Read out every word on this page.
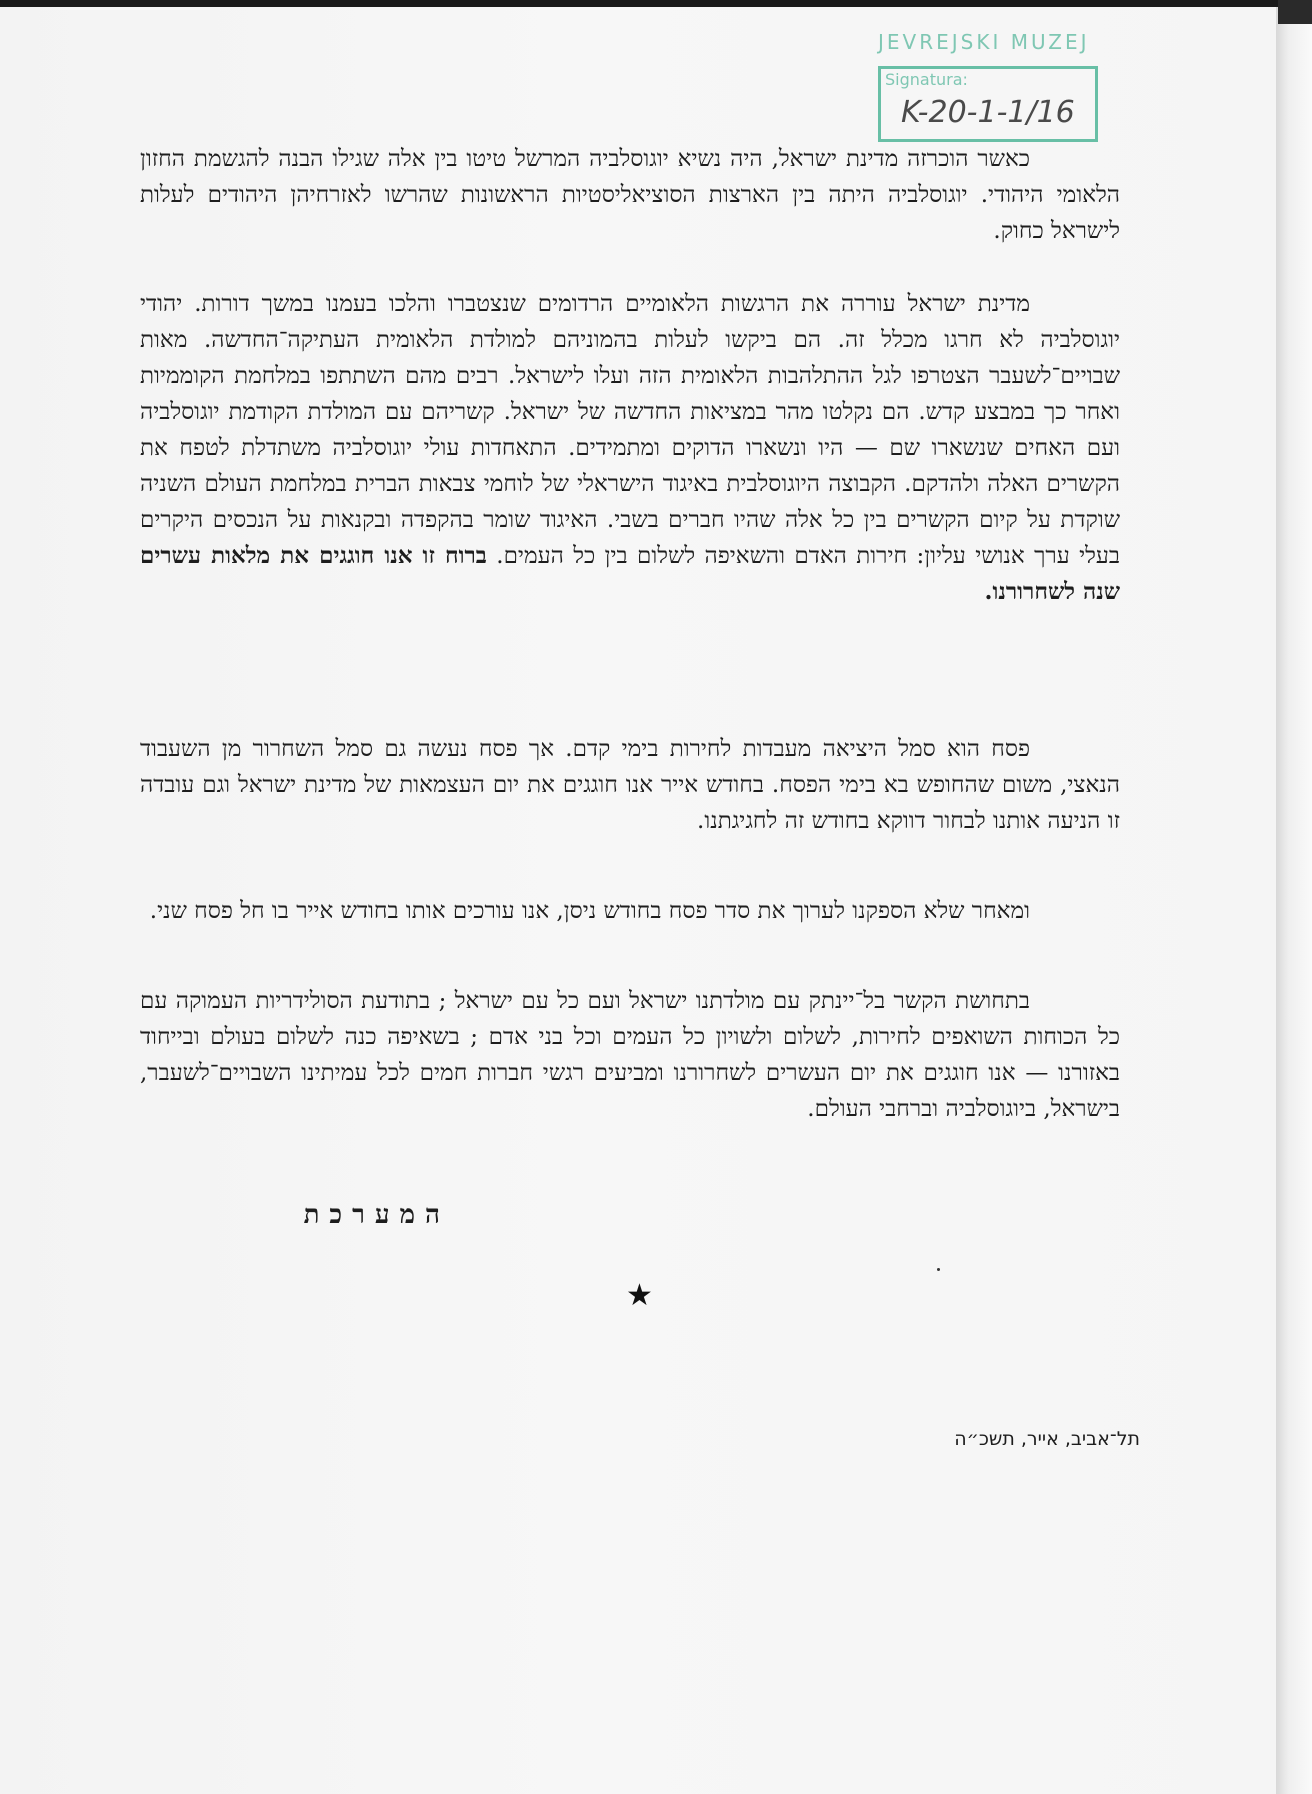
JEVREJSKI MUZEJ
Signatura:
K-20-1-1/16

כאשר הוכרזה מדינת ישראל, היה נשיא יוגוסלביה המרשל טיטו בין אלה שגילו הבנה להגשמת החזון הלאומי היהודי. יוגוסלביה היתה בין הארצות הסוציאליסטיות הראשונות שהרשו לאזרחיהן היהודים לעלות לישראל כחוק.

מדינת ישראל עוררה את הרגשות הלאומיים הרדומים שנצטברו והלכו בעמנו במשך דורות. יהודי יוגוסלביה לא חרגו מכלל זה. הם ביקשו לעלות בהמוניהם למולדת הלאומית העתיקה־החדשה. מאות שבויים־לשעבר הצטרפו לגל ההתלהבות הלאומית הזה ועלו לישראל. רבים מהם השתתפו במלחמת הקוממיות ואחר כך במבצע קדש. הם נקלטו מהר במציאות החדשה של ישראל. קשריהם עם המולדת הקודמת יוגוסלביה ועם האחים שנשארו שם — היו ונשארו הדוקים ומתמידים. התאחדות עולי יוגוסלביה משתדלת לטפח את הקשרים האלה ולהדקם. הקבוצה היוגוסלבית באיגוד הישראלי של לוחמי צבאות הברית במלחמת העולם השניה שוקדת על קיום הקשרים בין כל אלה שהיו חברים בשבי. האיגוד שומר בהקפדה ובקנאות על הנכסים היקרים בעלי ערך אנושי עליון: חירות האדם והשאיפה לשלום בין כל העמים. ברוח זו אנו חוגגים את מלאות עשרים שנה לשחרורנו.

פסח הוא סמל היציאה מעבדות לחירות בימי קדם. אך פסח נעשה גם סמל השחרור מן השעבוד הנאצי, משום שהחופש בא בימי הפסח. בחודש אייר אנו חוגגים את יום העצמאות של מדינת ישראל וגם עובדה זו הניעה אותנו לבחור דווקא בחודש זה לחגיגתנו.

ומאחר שלא הספקנו לערוך את סדר פסח בחודש ניסן, אנו עורכים אותו בחודש אייר בו חל פסח שני.

בתחושת הקשר בל־יינתק עם מולדתנו ישראל ועם כל עם ישראל ; בתודעת הסולידריות העמוקה עם כל הכוחות השואפים לחירות, לשלום ולשויון כל העמים וכל בני אדם ; בשאיפה כנה לשלום בעולם ובייחוד באזורנו — אנו חוגגים את יום העשרים לשחרורנו ומביעים רגשי חברות חמים לכל עמיתינו השבויים־לשעבר, בישראל, ביוגוסלביה וברחבי העולם.

המערכת
★
תל־אביב, אייר, תשכ״ה
